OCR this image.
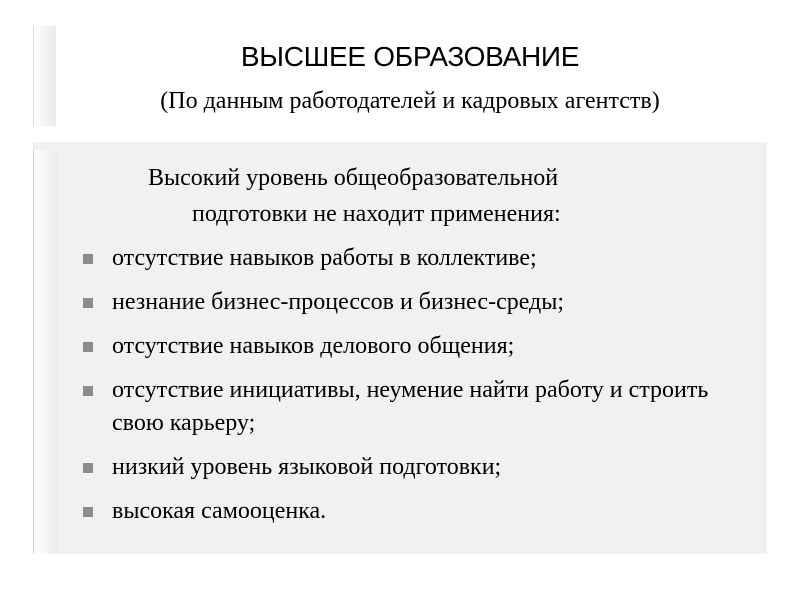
ВЫСШЕЕ ОБРАЗОВАНИЕ

(По данным работодателей и кадровых агентств)

Высокий уровень общеобразовательной
подготовки не находит применения:

отсутствие навыков работы в коллективе;
незнание бизнес-процессов и бизнес-среды;
отсутствие навыков делового общения;
отсутствие инициативы, неумение найти работу и строить свою карьеру;
низкий уровень языковой подготовки;
высокая самооценка.
